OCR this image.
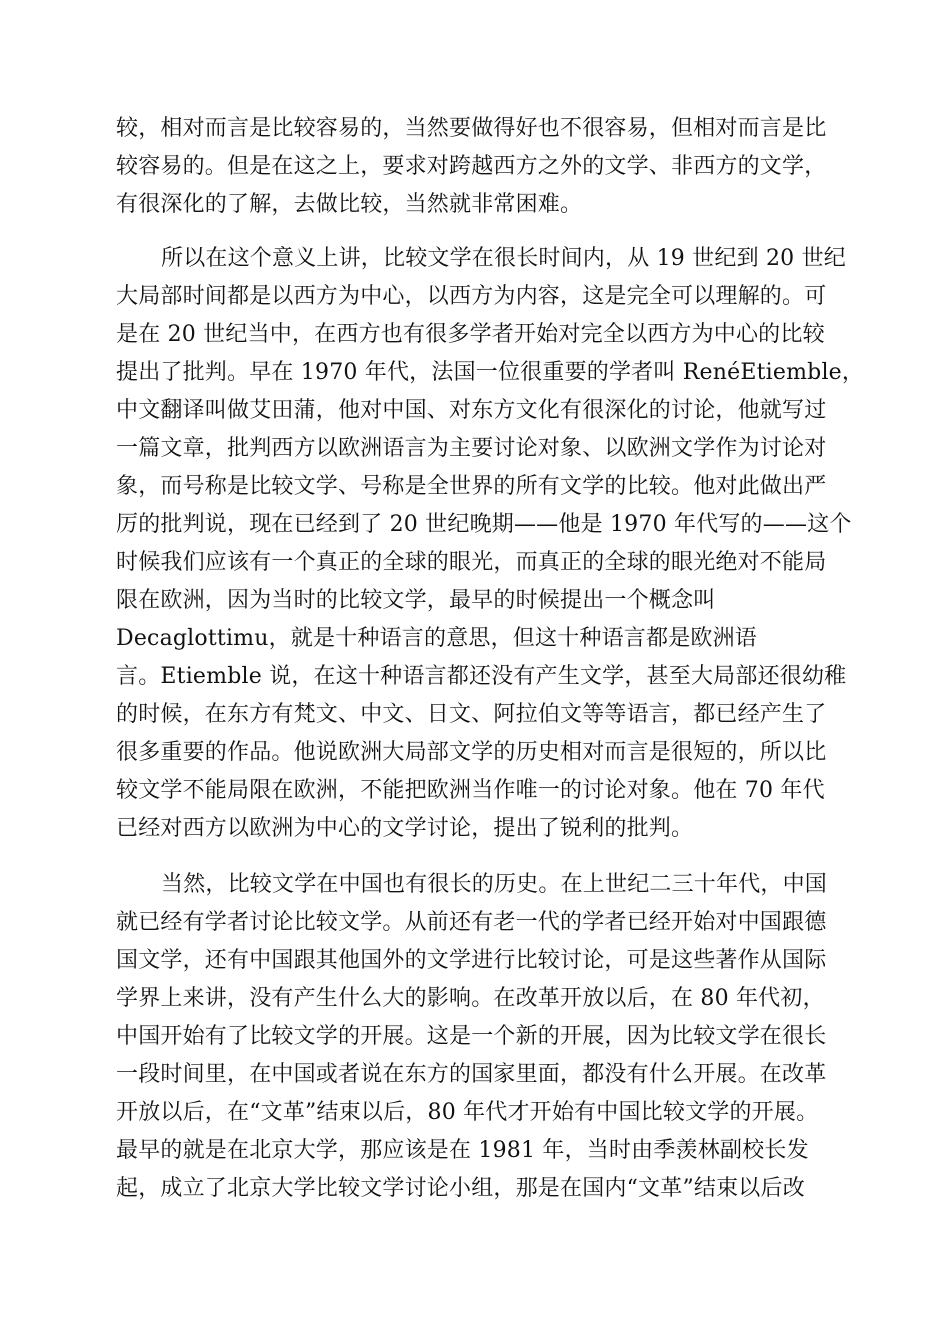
较，相对而言是比较容易的，当然要做得好也不很容易，但相对而言是比
较容易的。但是在这之上，要求对跨越西方之外的文学、非西方的文学，
有很深化的了解，去做比较，当然就非常困难。
所以在这个意义上讲，比较文学在很长时间内，从 19 世纪到 20 世纪
大局部时间都是以西方为中心，以西方为内容，这是完全可以理解的。可
是在 20 世纪当中，在西方也有很多学者开始对完全以西方为中心的比较
提出了批判。早在 1970 年代，法国一位很重要的学者叫 RenéEtiemble，
中文翻译叫做艾田蒲，他对中国、对东方文化有很深化的讨论，他就写过
一篇文章，批判西方以欧洲语言为主要讨论对象、以欧洲文学作为讨论对
象，而号称是比较文学、号称是全世界的所有文学的比较。他对此做出严
厉的批判说，现在已经到了 20 世纪晚期——他是 1970 年代写的——这个
时候我们应该有一个真正的全球的眼光，而真正的全球的眼光绝对不能局
限在欧洲，因为当时的比较文学，最早的时候提出一个概念叫
Decaglottimu，就是十种语言的意思，但这十种语言都是欧洲语
言。Etiemble 说，在这十种语言都还没有产生文学，甚至大局部还很幼稚
的时候，在东方有梵文、中文、日文、阿拉伯文等等语言，都已经产生了
很多重要的作品。他说欧洲大局部文学的历史相对而言是很短的，所以比
较文学不能局限在欧洲，不能把欧洲当作唯一的讨论对象。他在 70 年代
已经对西方以欧洲为中心的文学讨论，提出了锐利的批判。
当然，比较文学在中国也有很长的历史。在上世纪二三十年代，中国
就已经有学者讨论比较文学。从前还有老一代的学者已经开始对中国跟德
国文学，还有中国跟其他国外的文学进行比较讨论，可是这些著作从国际
学界上来讲，没有产生什么大的影响。在改革开放以后，在 80 年代初，
中国开始有了比较文学的开展。这是一个新的开展，因为比较文学在很长
一段时间里，在中国或者说在东方的国家里面，都没有什么开展。在改革
开放以后，在“文革”结束以后，80 年代才开始有中国比较文学的开展。
最早的就是在北京大学，那应该是在 1981 年，当时由季羡林副校长发
起，成立了北京大学比较文学讨论小组，那是在国内“文革”结束以后改
